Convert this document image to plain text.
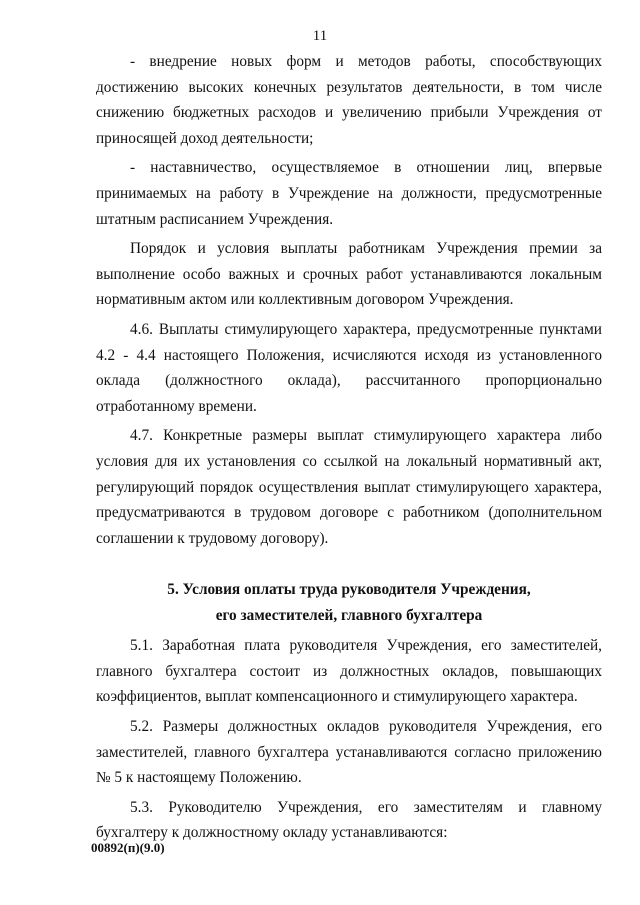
11

- внедрение новых форм и методов работы, способствующих достижению высоких конечных результатов деятельности, в том числе снижению бюджетных расходов и увеличению прибыли Учреждения от приносящей доход деятельности;

- наставничество, осуществляемое в отношении лиц, впервые принимаемых на работу в Учреждение на должности, предусмотренные штатным расписанием Учреждения.

Порядок и условия выплаты работникам Учреждения премии за выполнение особо важных и срочных работ устанавливаются локальным нормативным актом или коллективным договором Учреждения.

4.6. Выплаты стимулирующего характера, предусмотренные пунктами 4.2 - 4.4 настоящего Положения, исчисляются исходя из установленного оклада (должностного оклада), рассчитанного пропорционально отработанному времени.

4.7. Конкретные размеры выплат стимулирующего характера либо условия для их установления со ссылкой на локальный нормативный акт, регулирующий порядок осуществления выплат стимулирующего характера, предусматриваются в трудовом договоре с работником (дополнительном соглашении к трудовому договору).

5. Условия оплаты труда руководителя Учреждения,
его заместителей, главного бухгалтера

5.1. Заработная плата руководителя Учреждения, его заместителей, главного бухгалтера состоит из должностных окладов, повышающих коэффициентов, выплат компенсационного и стимулирующего характера.

5.2. Размеры должностных окладов руководителя Учреждения, его заместителей, главного бухгалтера устанавливаются согласно приложению № 5 к настоящему Положению.

5.3. Руководителю Учреждения, его заместителям и главному бухгалтеру к должностному окладу устанавливаются:

00892(п)(9.0)
